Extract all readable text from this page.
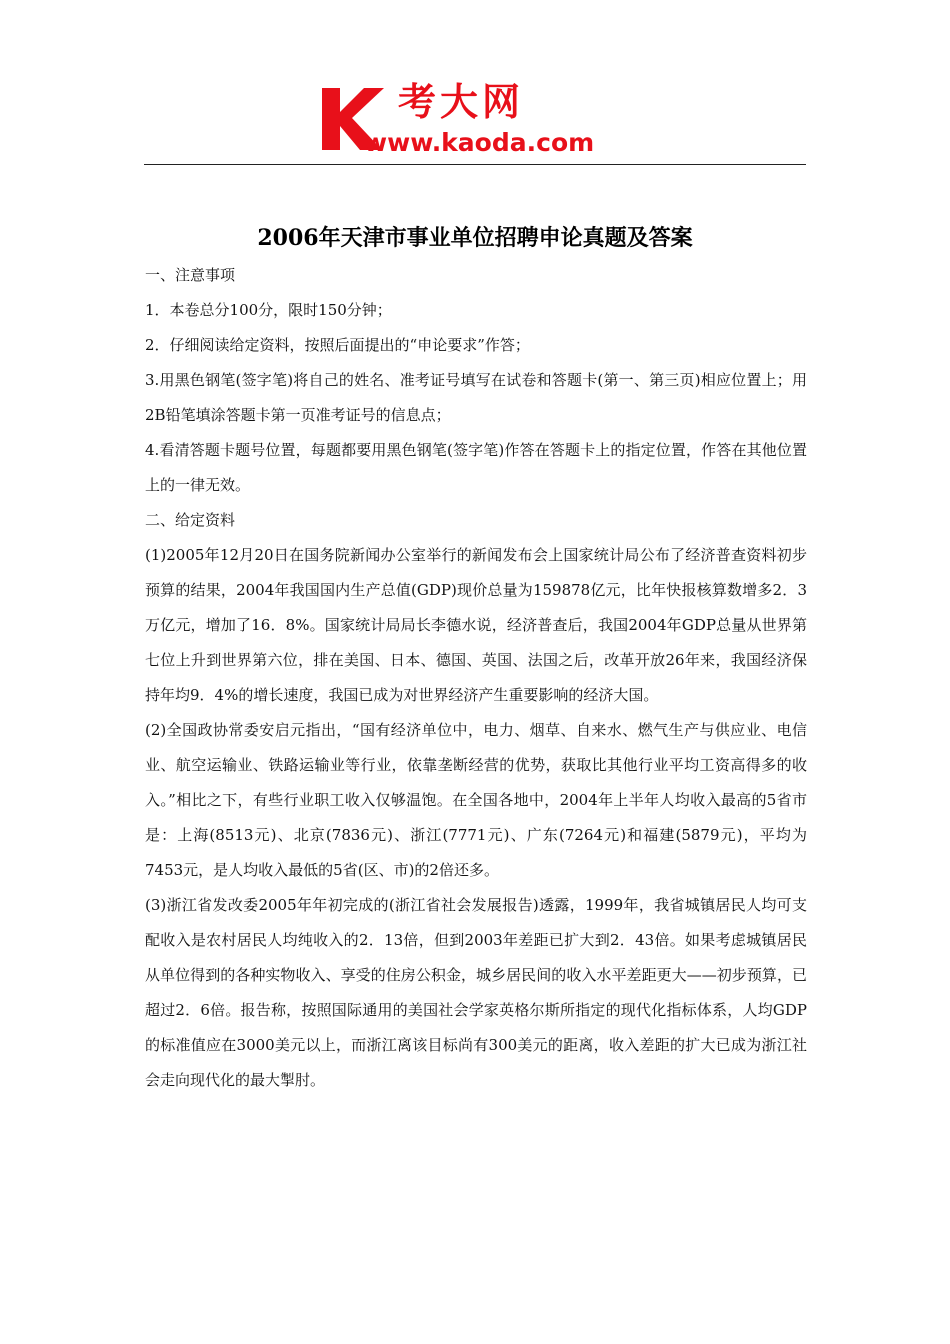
考大网
www.kaoda.com
2006年天津市事业单位招聘申论真题及答案

一、注意事项

1．本卷总分100分，限时150分钟；

2．仔细阅读给定资料，按照后面提出的“申论要求”作答；

3.用黑色钢笔(签字笔)将自己的姓名、准考证号填写在试卷和答题卡(第一、第三页)相应位置上；用2B铅笔填涂答题卡第一页准考证号的信息点；

4.看清答题卡题号位置，每题都要用黑色钢笔(签字笔)作答在答题卡上的指定位置，作答在其他位置上的一律无效。

二、给定资料

(1)2005年12月20日在国务院新闻办公室举行的新闻发布会上国家统计局公布了经济普查资料初步预算的结果，2004年我国国内生产总值(GDP)现价总量为159878亿元，比年快报核算数增多2．3万亿元，增加了16．8%。国家统计局局长李德水说，经济普查后，我国2004年GDP总量从世界第七位上升到世界第六位，排在美国、日本、德国、英国、法国之后，改革开放26年来，我国经济保持年均9．4%的增长速度，我国已成为对世界经济产生重要影响的经济大国。

(2)全国政协常委安启元指出，“国有经济单位中，电力、烟草、自来水、燃气生产与供应业、电信业、航空运输业、铁路运输业等行业，依靠垄断经营的优势，获取比其他行业平均工资高得多的收入。”相比之下，有些行业职工收入仅够温饱。在全国各地中，2004年上半年人均收入最高的5省市是：上海(8513元)、北京(7836元)、浙江(7771元)、广东(7264元)和福建(5879元)，平均为7453元，是人均收入最低的5省(区、市)的2倍还多。

(3)浙江省发改委2005年年初完成的(浙江省社会发展报告)透露，1999年，我省城镇居民人均可支配收入是农村居民人均纯收入的2．13倍，但到2003年差距已扩大到2．43倍。如果考虑城镇居民从单位得到的各种实物收入、享受的住房公积金，城乡居民间的收入水平差距更大——初步预算，已超过2．6倍。报告称，按照国际通用的美国社会学家英格尔斯所指定的现代化指标体系，人均GDP的标准值应在3000美元以上，而浙江离该目标尚有300美元的距离，收入差距的扩大已成为浙江社会走向现代化的最大掣肘。
